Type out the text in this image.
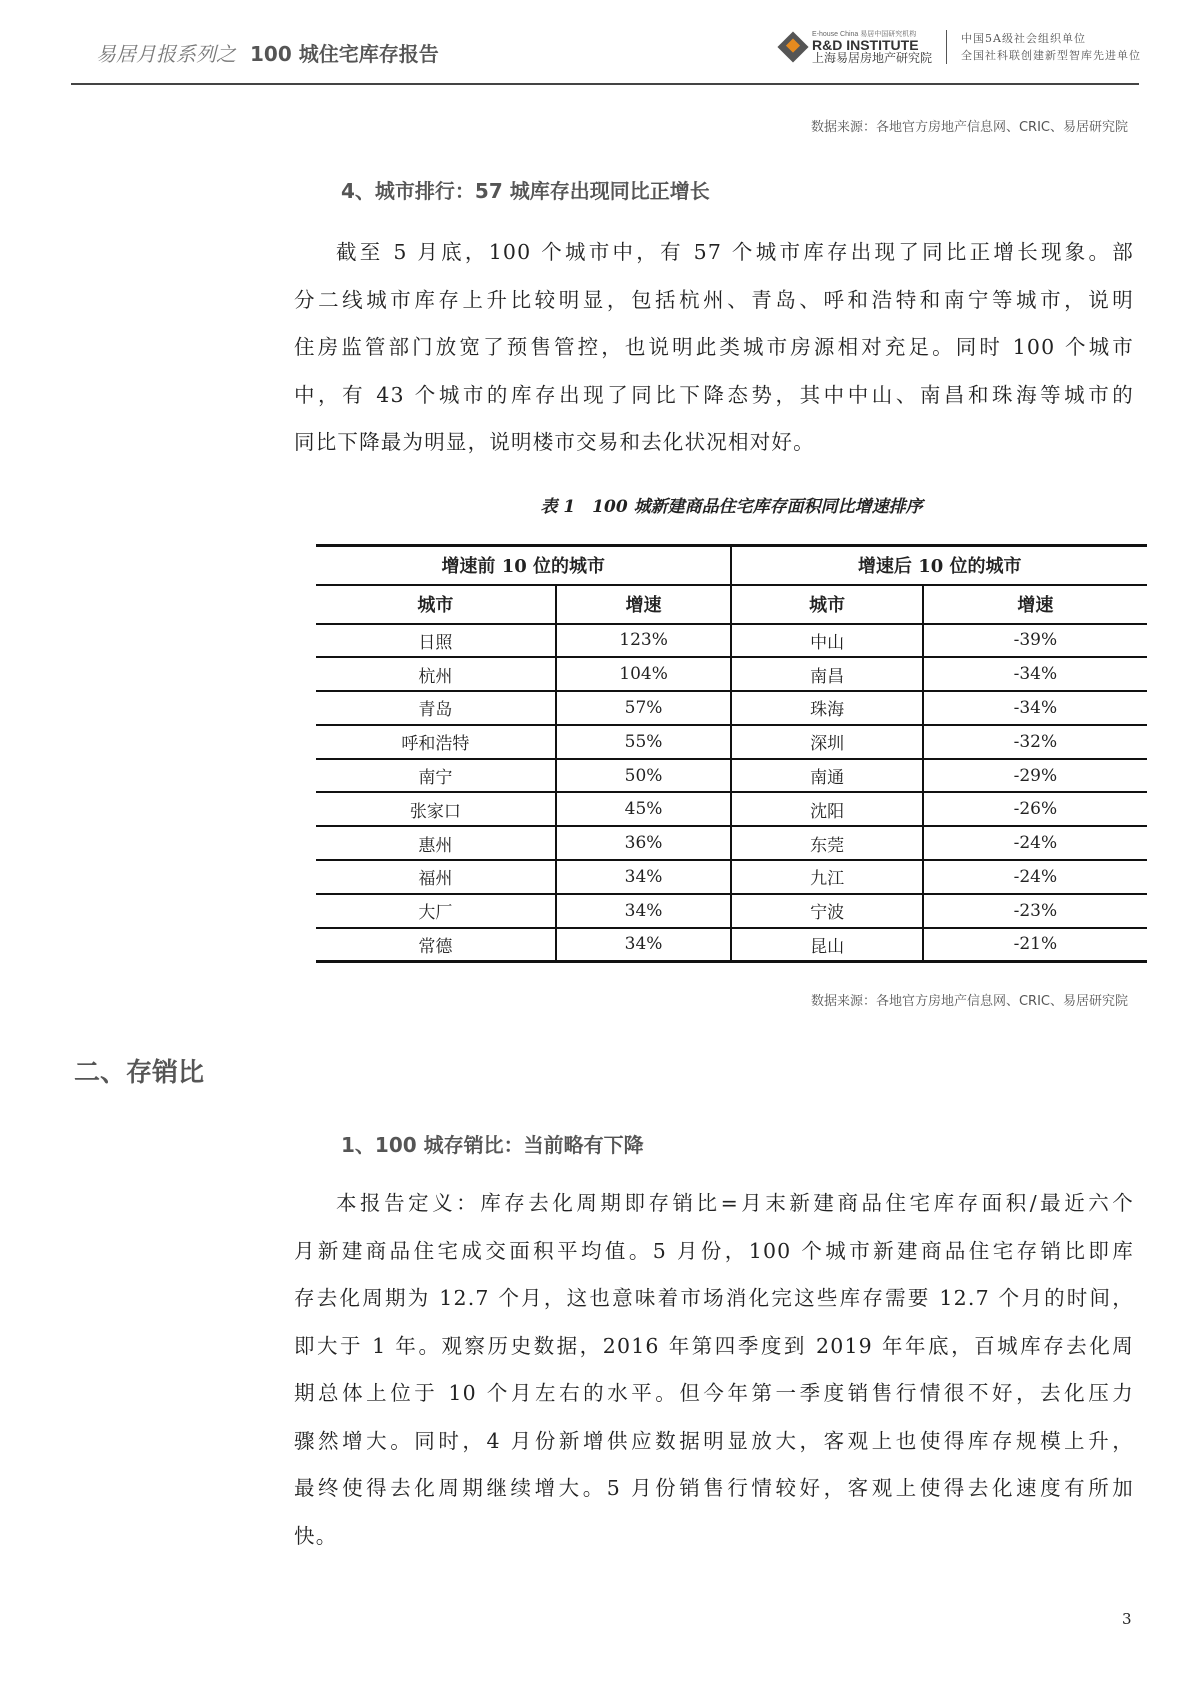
易居月报系列之 100 城住宅库存报告
E-house China 易居中国研究机构
R&D INSTITUTE
上海易居房地产研究院
中国5A级社会组织单位
全国社科联创建新型智库先进单位
数据来源：各地官方房地产信息网、CRIC、易居研究院
4、城市排行：57 城库存出现同比正增长
截至 5 月底，100 个城市中，有 57 个城市库存出现了同比正增长现象。部
分二线城市库存上升比较明显，包括杭州、青岛、呼和浩特和南宁等城市，说明
住房监管部门放宽了预售管控，也说明此类城市房源相对充足。同时 100 个城市
中，有 43 个城市的库存出现了同比下降态势，其中中山、南昌和珠海等城市的
同比下降最为明显，说明楼市交易和去化状况相对好。
表 1　100 城新建商品住宅库存面积同比增速排序
增速前 10 位的城市		增速后 10 位的城市	
城市	增速	城市	增速
日照	123%	中山	-39%
杭州	104%	南昌	-34%
青岛	57%	珠海	-34%
呼和浩特	55%	深圳	-32%
南宁	50%	南通	-29%
张家口	45%	沈阳	-26%
惠州	36%	东莞	-24%
福州	34%	九江	-24%
大厂	34%	宁波	-23%
常德	34%	昆山	-21%
数据来源：各地官方房地产信息网、CRIC、易居研究院
二、存销比
1、100 城存销比：当前略有下降
本报告定义：库存去化周期即存销比=月末新建商品住宅库存面积/最近六个
月新建商品住宅成交面积平均值。5 月份，100 个城市新建商品住宅存销比即库
存去化周期为 12.7 个月，这也意味着市场消化完这些库存需要 12.7 个月的时间，
即大于 1 年。观察历史数据，2016 年第四季度到 2019 年年底，百城库存去化周
期总体上位于 10 个月左右的水平。但今年第一季度销售行情很不好，去化压力
骤然增大。同时，4 月份新增供应数据明显放大，客观上也使得库存规模上升，
最终使得去化周期继续增大。5 月份销售行情较好，客观上使得去化速度有所加
快。
3
